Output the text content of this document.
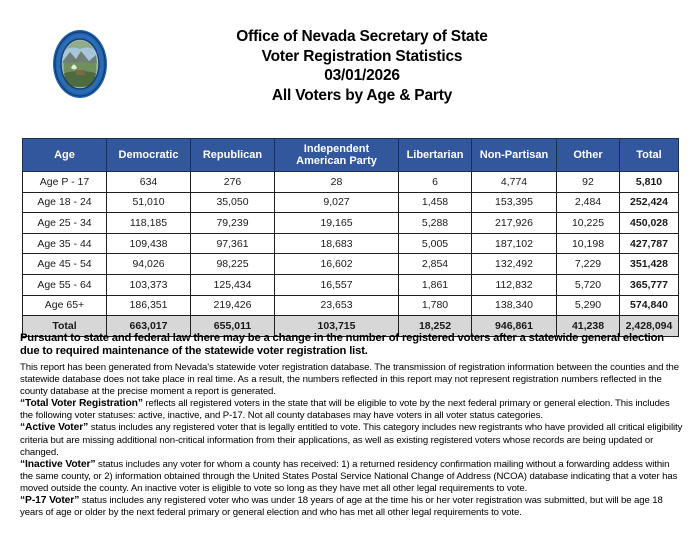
Office of Nevada Secretary of State
Voter Registration Statistics
03/01/2026
All Voters by Age & Party
Age	Democratic	Republican	Independent
American Party	Libertarian	Non-Partisan	Other	Total
Age P - 17	634	276	28	6	4,774	92	5,810
Age 18 - 24	51,010	35,050	9,027	1,458	153,395	2,484	252,424
Age 25 - 34	118,185	79,239	19,165	5,288	217,926	10,225	450,028
Age 35 - 44	109,438	97,361	18,683	5,005	187,102	10,198	427,787
Age 45 - 54	94,026	98,225	16,602	2,854	132,492	7,229	351,428
Age 55 - 64	103,373	125,434	16,557	1,861	112,832	5,720	365,777
Age 65+	186,351	219,426	23,653	1,780	138,340	5,290	574,840
Total	663,017	655,011	103,715	18,252	946,861	41,238	2,428,094

Pursuant to state and federal law there may be a change in the number of registered voters after a statewide general election due to required maintenance of the statewide voter registration list.

This report has been generated from Nevada's statewide voter registration database. The transmission of registration information between the counties and the statewide database does not take place in real time. As a result, the numbers reflected in this report may not represent registration numbers reflected in the county database at the precise moment a report is generated.

“Total Voter Registration” reflects all registered voters in the state that will be eligible to vote by the next federal primary or general election. This includes the following voter statuses: active, inactive, and P-17. Not all county databases may have voters in all voter status categories.

“Active Voter” status includes any registered voter that is legally entitled to vote. This category includes new registrants who have provided all critical eligibility criteria but are missing additional non-critical information from their applications, as well as existing registered voters whose records are being updated or changed.

“Inactive Voter” status includes any voter for whom a county has received: 1) a returned residency confirmation mailing without a forwarding addess within the same county, or 2) information obtained through the United States Postal Service National Change of Address (NCOA) database indicating that a voter has moved outside the county. An inactive voter is eligible to vote so long as they have met all other legal requirements to vote.

“P-17 Voter” status includes any registered voter who was under 18 years of age at the time his or her voter registration was submitted, but will be age 18 years of age or older by the next federal primary or general election and who has met all other legal requirements to vote.
